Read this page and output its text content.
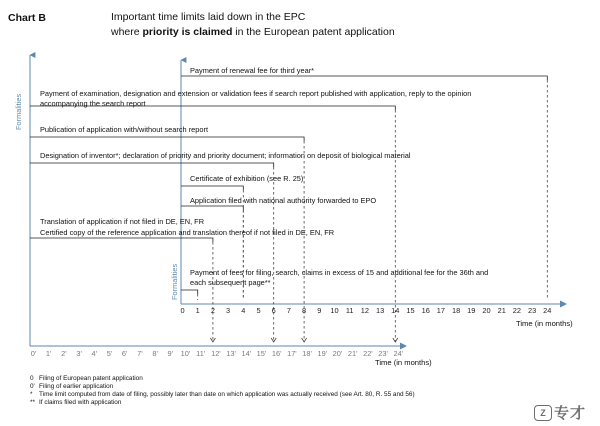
Chart B	Important time limits laid down in the EPC
where priority is claimed in the European patent application
Payment of renewal fee for third year*
Payment of examination, designation and extension or validation fees if search report published with application, reply to the opinion
accompanying the search report
Publication of application with/without search report
Designation of inventor*; declaration of priority and priority document; information on deposit of biological material
Certificate of exhibition (see R. 25)
Application filed with national authority forwarded to EPO
Translation of application if not filed in DE, EN, FR
Certified copy of the reference application and translation thereof if not filed in DE, EN, FR
Payment of fees for filing, search, claims in excess of 15 and additional fee for the 36th and
each subsequent page**
0 1 2 3 4 5 6 7 8 9 10 11 12 13 14 15 16 17 18 19 20 21 22 23 24
0' 1' 2' 3' 4' 5' 6' 7' 8' 9' 10' 11' 12' 13' 14' 15' 16' 17' 18' 19' 20' 21' 22' 23' 24'
Formalities
Formalities
Time (in months)
Time (in months)
0 Filing of European patent application
0' Filing of earlier application
* Time limit computed from date of filing, possibly later than date on which application was actually received (see Art. 80, R. 55 and 56)
** If claims filed with application
Z 专才
